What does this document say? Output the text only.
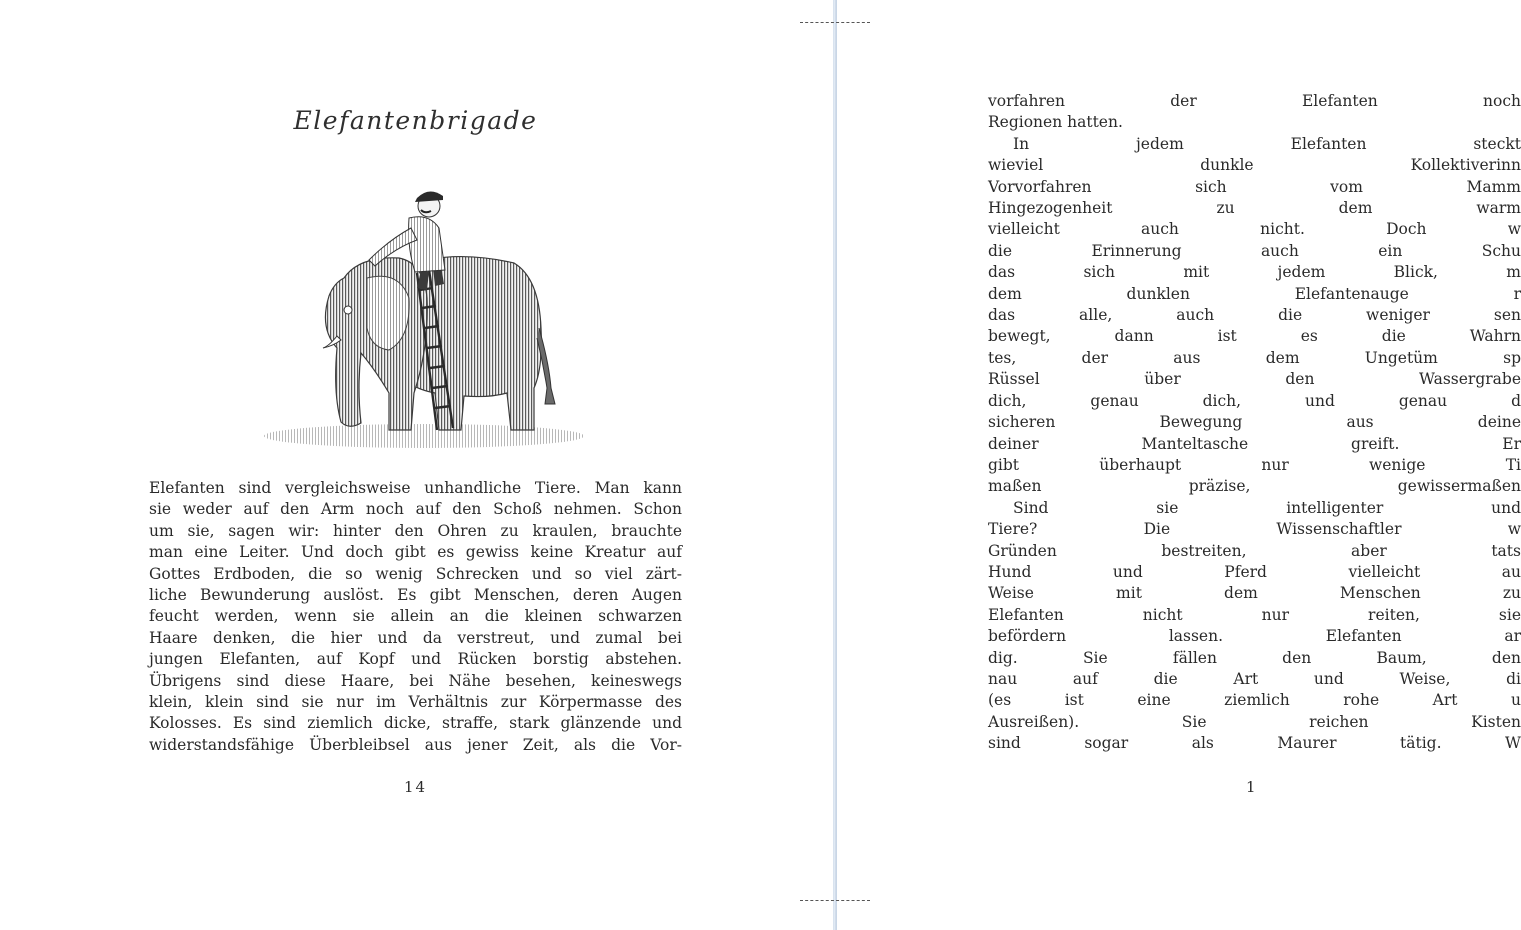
Elefantenbrigade
Elefanten sind vergleichsweise unhandliche Tiere. Man kann
sie weder auf den Arm noch auf den Schoß nehmen. Schon
um sie, sagen wir: hinter den Ohren zu kraulen, brauchte
man eine Leiter. Und doch gibt es gewiss keine Kreatur auf
Gottes Erdboden, die so wenig Schrecken und so viel zärt-
liche Bewunderung auslöst. Es gibt Menschen, deren Augen
feucht werden, wenn sie allein an die kleinen schwarzen
Haare denken, die hier und da verstreut, und zumal bei
jungen Elefanten, auf Kopf und Rücken borstig abstehen.
Übrigens sind diese Haare, bei Nähe besehen, keineswegs
klein, klein sind sie nur im Verhältnis zur Körpermasse des
Kolosses. Es sind ziemlich dicke, straffe, stark glänzende und
widerstandsfähige Überbleibsel aus jener Zeit, als die Vor-
14
vorfahren der Elefanten noch
Regionen hatten.
In jedem Elefanten steckt
wieviel dunkle Kollektiverinn
Vorvorfahren sich vom Mamm
Hingezogenheit zu dem warm
vielleicht auch nicht. Doch w
die Erinnerung auch ein Schu
das sich mit jedem Blick, m
dem dunklen Elefantenauge r
das alle, auch die weniger sen
bewegt, dann ist es die Wahrn
tes, der aus dem Ungetüm sp
Rüssel über den Wassergrabe
dich, genau dich, und genau d
sicheren Bewegung aus deine
deiner Manteltasche greift. Er
gibt überhaupt nur wenige Ti
maßen präzise, gewissermaßen
Sind sie intelligenter und
Tiere? Die Wissenschaftler w
Gründen bestreiten, aber tats
Hund und Pferd vielleicht au
Weise mit dem Menschen zu
Elefanten nicht nur reiten, sie
befördern lassen. Elefanten ar
dig. Sie fällen den Baum, den
nau auf die Art und Weise, di
(es ist eine ziemlich rohe Art u
Ausreißen). Sie reichen Kisten
sind sogar als Maurer tätig. W
1
